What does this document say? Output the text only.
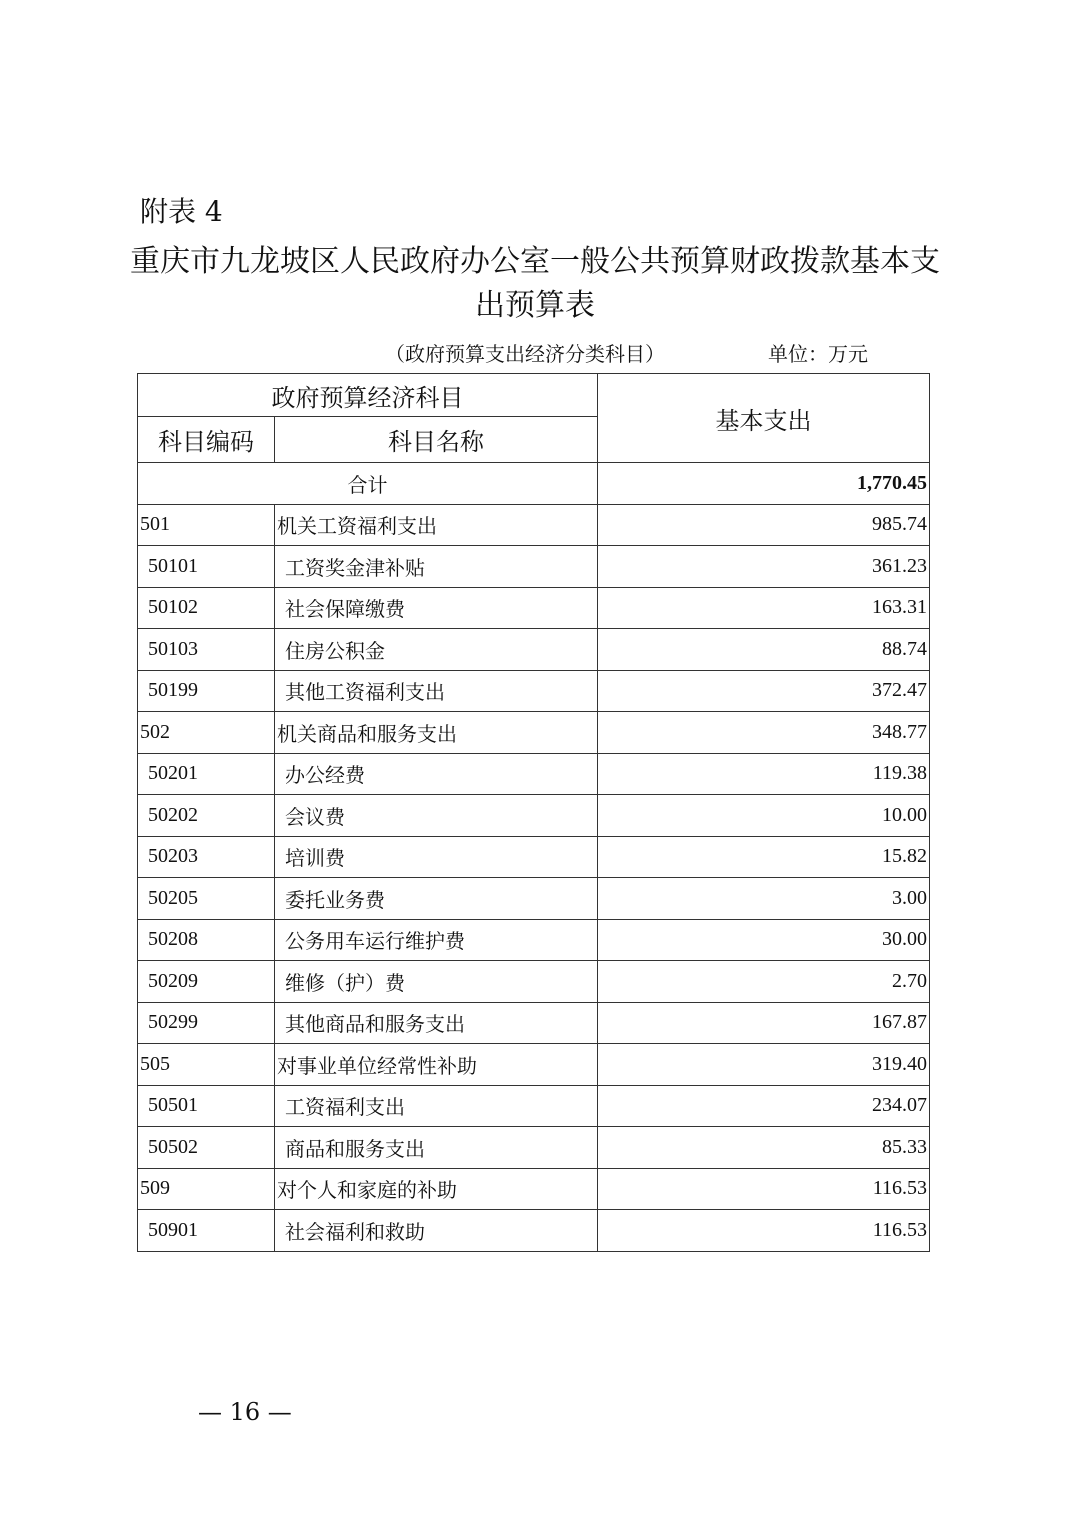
附表 4
重庆市九龙坡区人民政府办公室一般公共预算财政拨款基本支
出预算表
（政府预算支出经济分类科目）	单位：万元
政府预算经济科目		基本支出
科目编码	科目名称	
合计		1,770.45
501	机关工资福利支出	985.74
50101	工资奖金津补贴	361.23
50102	社会保障缴费	163.31
50103	住房公积金	88.74
50199	其他工资福利支出	372.47
502	机关商品和服务支出	348.77
50201	办公经费	119.38
50202	会议费	10.00
50203	培训费	15.82
50205	委托业务费	3.00
50208	公务用车运行维护费	30.00
50209	维修（护）费	2.70
50299	其他商品和服务支出	167.87
505	对事业单位经常性补助	319.40
50501	工资福利支出	234.07
50502	商品和服务支出	85.33
509	对个人和家庭的补助	116.53
50901	社会福利和救助	116.53
— 16 —
